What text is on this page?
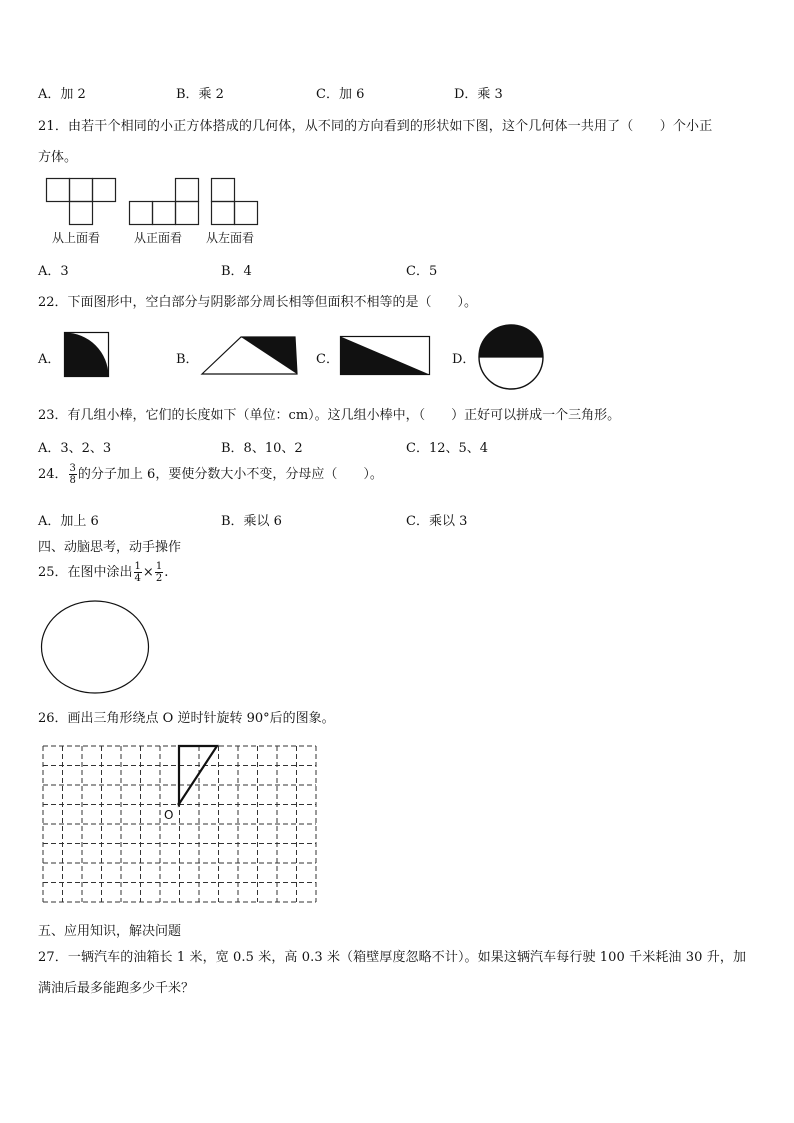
A．加 2	B．乘 2	C．加 6	D．乘 3
21．由若干个相同的小正方体搭成的几何体，从不同的方向看到的形状如下图，这个几何体一共用了（　　）个小正
方体。
从上面看	从正面看 从左面看
A．3	B．4	C．5
22．下面图形中，空白部分与阴影部分周长相等但面积不相等的是（　　）。
A．	B．	C．	D．
23．有几组小棒，它们的长度如下（单位：cm）。这几组小棒中，（　　）正好可以拼成一个三角形。
A．3、2、3	B．8、10、2	C．12、5、4
24． $\frac{3}{8}$ 的分子加上 6，要使分数大小不变，分母应（　　）。
A．加上 6	B．乘以 6	C．乘以 3
四、动脑思考，动手操作
25．在图中涂出 $\frac{1}{4} \times \frac{1}{2}$ .
26．画出三角形绕点 O 逆时针旋转 90°后的图象。
O
五、应用知识，解决问题
27．一辆汽车的油箱长 1 米，宽 0.5 米，高 0.3 米（箱壁厚度忽略不计）。如果这辆汽车每行驶 100 千米耗油 30 升，加
满油后最多能跑多少千米？
